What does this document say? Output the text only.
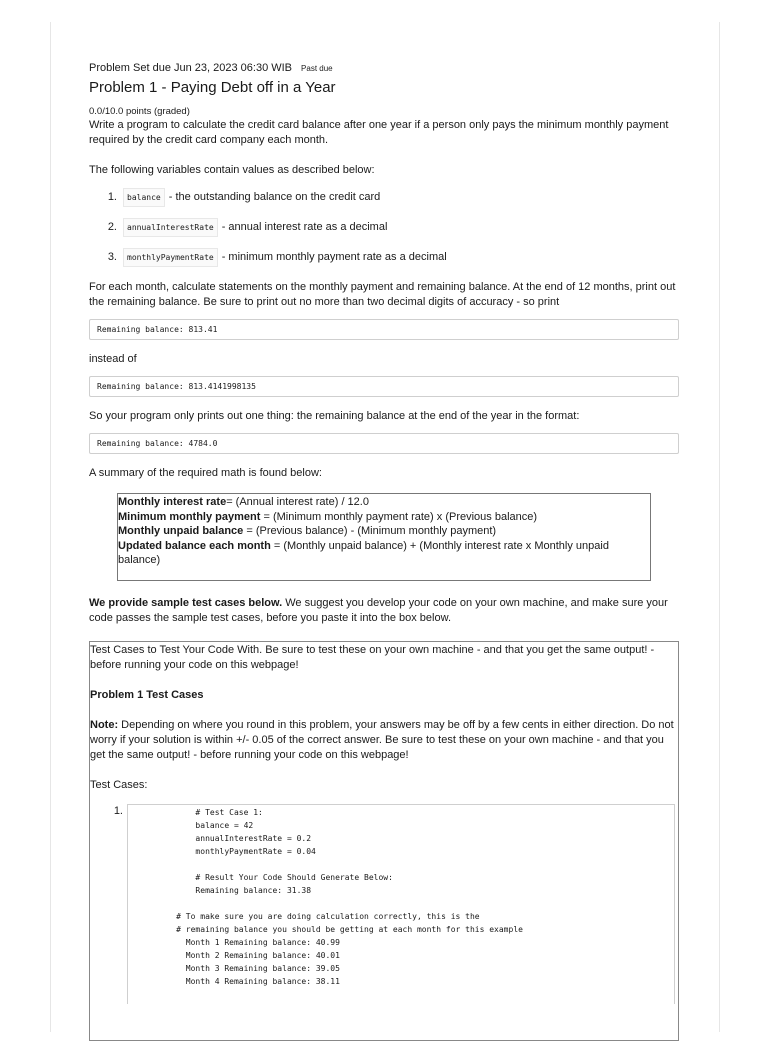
Problem Set due Jun 23, 2023 06:30 WIB Past due
Problem 1 - Paying Debt off in a Year
0.0/10.0 points (graded)

Write a program to calculate the credit card balance after one year if a person only pays the minimum monthly payment required by the credit card company each month.

The following variables contain values as described below:

1.	balance - the outstanding balance on the credit card
2.	annualInterestRate - annual interest rate as a decimal
3.	monthlyPaymentRate - minimum monthly payment rate as a decimal

For each month, calculate statements on the monthly payment and remaining balance. At the end of 12 months, print out the remaining balance. Be sure to print out no more than two decimal digits of accuracy - so print

Remaining balance: 813.41

instead of

Remaining balance: 813.4141998135

So your program only prints out one thing: the remaining balance at the end of the year in the format:

Remaining balance: 4784.0

A summary of the required math is found below:

Monthly interest rate= (Annual interest rate) / 12.0
Minimum monthly payment = (Minimum monthly payment rate) x (Previous balance)
Monthly unpaid balance = (Previous balance) - (Minimum monthly payment)
Updated balance each month = (Monthly unpaid balance) + (Monthly interest rate x Monthly unpaid balance)

We provide sample test cases below. We suggest you develop your code on your own machine, and make sure your code passes the sample test cases, before you paste it into the box below.

Test Cases to Test Your Code With. Be sure to test these on your own machine - and that you get the same output! - before running your code on this webpage!

Problem 1 Test Cases

Note: Depending on where you round in this problem, your answers may be off by a few cents in either direction. Do not worry if your solution is within +/- 0.05 of the correct answer. Be sure to test these on your own machine - and that you get the same output! - before running your code on this webpage!

Test Cases:

1.	# Test Case 1:
balance = 42
annualInterestRate = 0.2
monthlyPaymentRate = 0.04

# Result Your Code Should Generate Below:
Remaining balance: 31.38

# To make sure you are doing calculation correctly, this is the
# remaining balance you should be getting at each month for this example
Month 1 Remaining balance: 40.99
Month 2 Remaining balance: 40.01
Month 3 Remaining balance: 39.05
Month 4 Remaining balance: 38.11
